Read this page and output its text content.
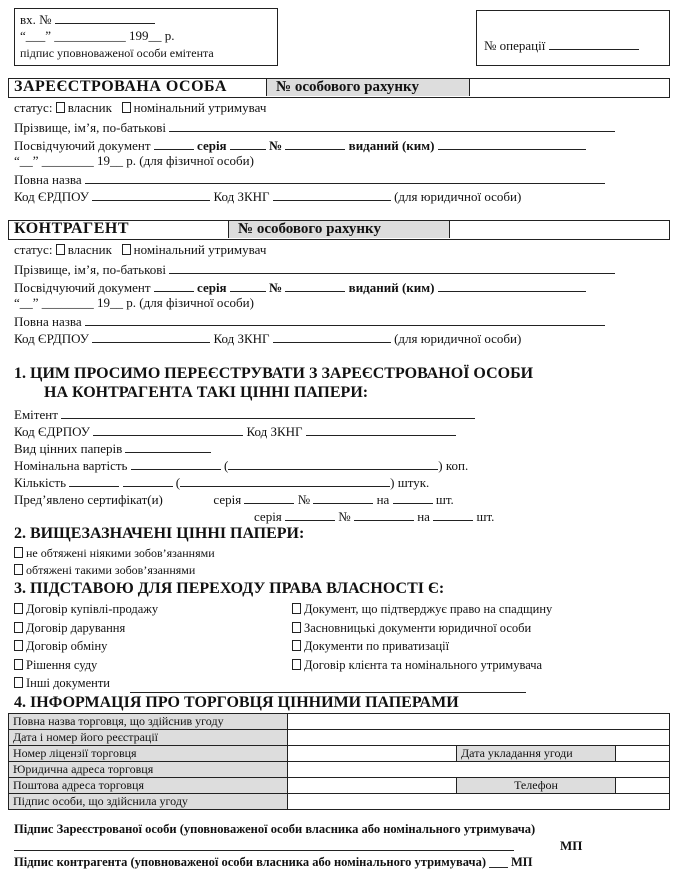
вх. №
“___” ___________ 199__ р.
підпис уповноваженої особи емітента	№ операції
ЗАРЕЄСТРОВАНА ОСОБА	№ особового рахунку
статус: власник номінальний утримувач
Прізвище, ім’я, по-батькові
Посвідчуючий документ	серія	№	виданий (ким)
“__” ________ 19__ р. (для фізичної особи)
Повна назва
Код ЄРДПОУ	Код ЗКНГ	(для юридичної особи)
КОНТРАГЕНТ	№ особового рахунку
статус: власник номінальний утримувач
Прізвище, ім’я, по-батькові
Посвідчуючий документ	серія	№	виданий (ким)
“__” ________ 19__ р. (для фізичної особи)
Повна назва
Код ЄРДПОУ	Код ЗКНГ	(для юридичної особи)
1. ЦИМ ПРОСИМО ПЕРЕЄСТРУВАТИ З ЗАРЕЄСТРОВАНОЇ ОСОБИ
НА КОНТРАГЕНТА ТАКІ ЦІННІ ПАПЕРИ:
Емітент
Код ЄДРПОУ	Код ЗКНГ
Вид цінних паперів
Номінальна вартість	(	) коп.
Кількість	(	) штук.
Пред’явлено сертифікат(и)	серія	№	на	шт.
серія	№	на	шт.
2. ВИЩЕЗАЗНАЧЕНІ ЦІННІ ПАПЕРИ:
не обтяжені ніякими зобов’язаннями
обтяжені такими зобов’язаннями
3. ПІДСТАВОЮ ДЛЯ ПЕРЕХОДУ ПРАВА ВЛАСНОСТІ Є:
Договір купівлі-продажу
Договір дарування
Договір обміну
Рішення суду
Інші документи
Документ, що підтверджує право на спадщину
Засновницькі документи юридичної особи
Документи по приватизації
Договір клієнта та номінального утримувача
4. ІНФОРМАЦІЯ ПРО ТОРГОВЦЯ ЦІННИМИ ПАПЕРАМИ
Повна назва торговця, що здійснив угоду			
Дата і номер його реєстрації			
Номер ліцензії торговця		Дата укладання угоди	
Юридична адреса торговця			
Поштова адреса торговця		Телефон	
Підпис особи, що здійснила угоду			
Підпис Зареєстрованої особи (уповноваженої особи власника або номінального утримувача)
МП
Підпис контрагента (уповноваженої особи власника або номінального утримувача) ___ МП
